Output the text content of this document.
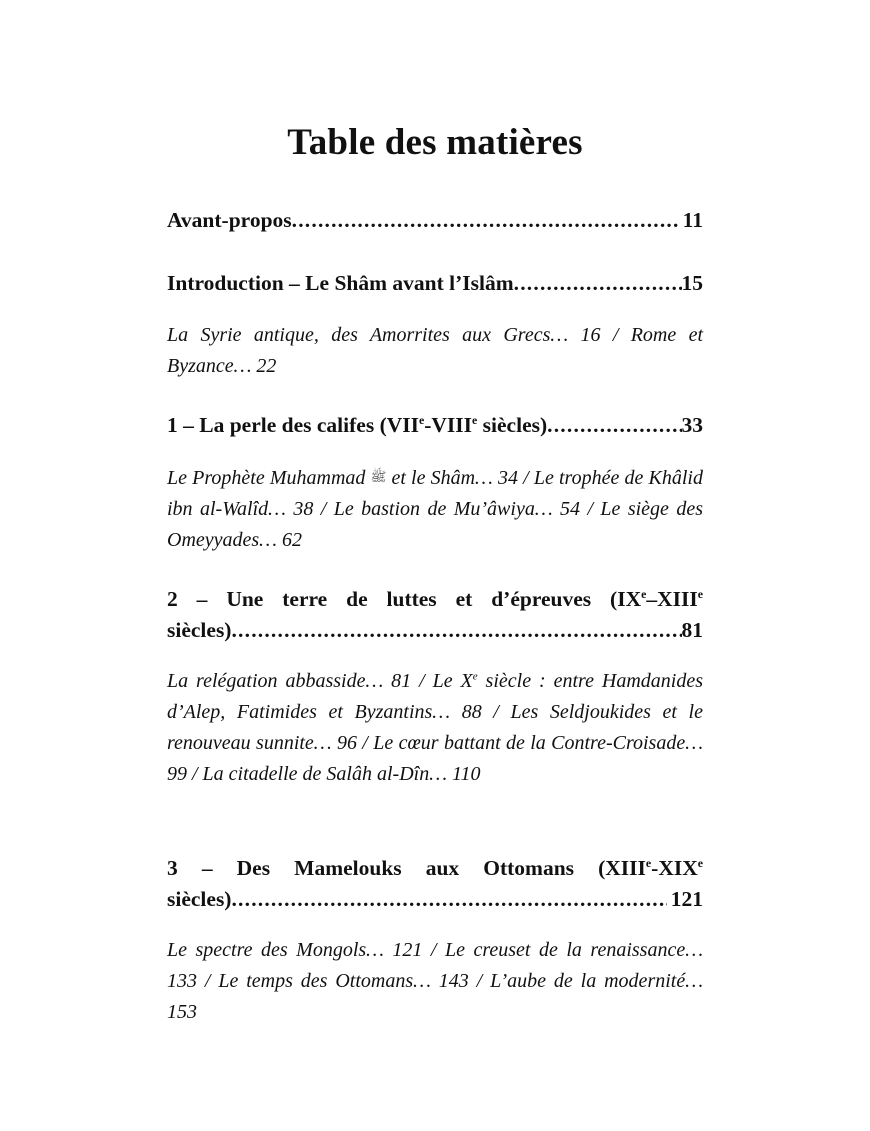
Table des matières
Avant-propos .....	11
Introduction – Le Shâm avant l’Islâm .....	15
La Syrie antique, des Amorrites aux Grecs… 16 / Rome et Byzance… 22
1 – La perle des califes (VIIe-VIIIe siècles) .....	33
Le Prophète Muhammad ﷺ et le Shâm… 34 / Le trophée de Khâlid ibn al-Walîd… 38 / Le bastion de Mu’âwiya… 54 / Le siège des Omeyyades… 62
2 – Une terre de luttes et d’épreuves (IXe–XIIIe
siècles) .....	81
La relégation abbasside… 81 / Le Xe siècle : entre Hamdanides d’Alep, Fatimides et Byzantins… 88 / Les Seldjoukides et le renouveau sunnite… 96 / Le cœur battant de la Contre-Croisade… 99 / La citadelle de Salâh al-Dîn… 110
3 – Des Mamelouks aux Ottomans (XIIIe-XIXe
siècles) .....	121
Le spectre des Mongols… 121 / Le creuset de la renaissance… 133 / Le temps des Ottomans… 143 / L’aube de la modernité… 153
